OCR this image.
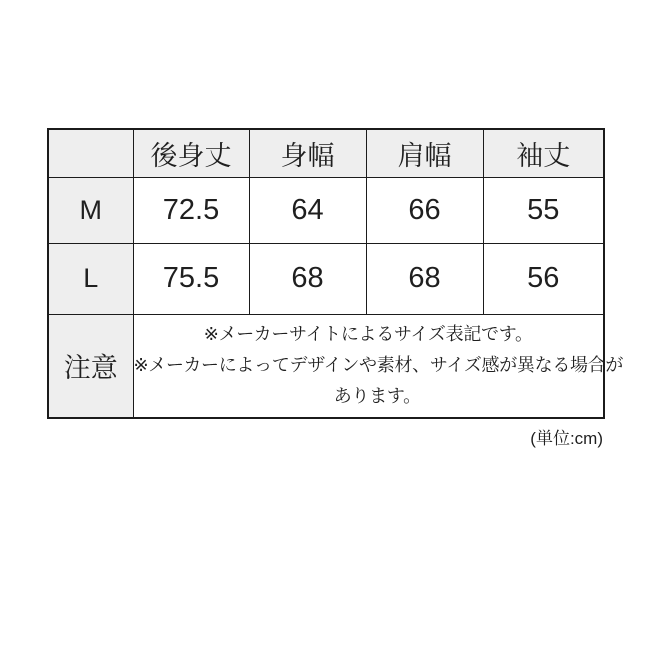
	後身丈	身幅	肩幅	袖丈
M	72.5	64	66	55
L	75.5	68	68	56
注意	※メーカーサイトによるサイズ表記です。
※メーカーによってデザインや素材、サイズ感が異なる場合が
あります。			
(単位:cm)
